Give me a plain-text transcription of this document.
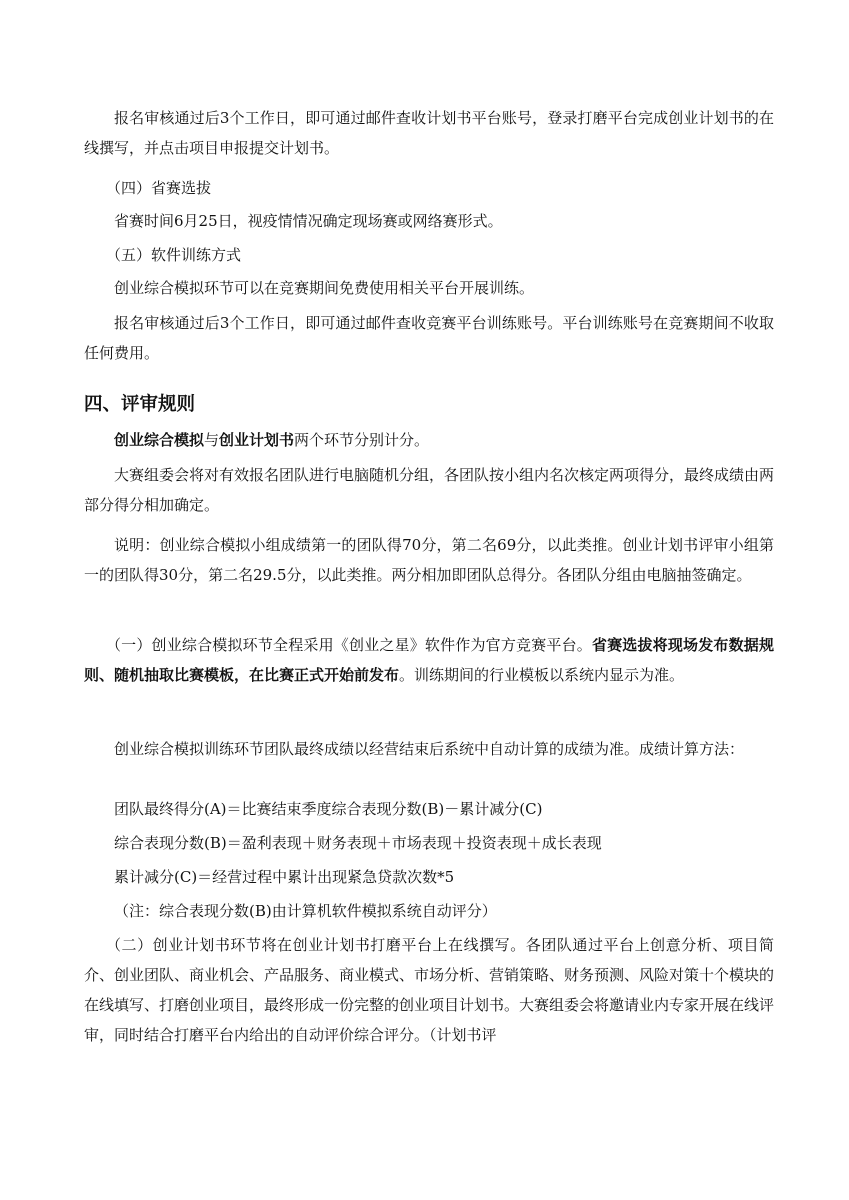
报名审核通过后3个工作日，即可通过邮件查收计划书平台账号，登录打磨平台完成创业计划书的在线撰写，并点击项目申报提交计划书。

（四）省赛选拔

省赛时间6月25日，视疫情情况确定现场赛或网络赛形式。

（五）软件训练方式

创业综合模拟环节可以在竞赛期间免费使用相关平台开展训练。

报名审核通过后3个工作日，即可通过邮件查收竞赛平台训练账号。平台训练账号在竞赛期间不收取任何费用。

四、评审规则

创业综合模拟与创业计划书两个环节分别计分。

大赛组委会将对有效报名团队进行电脑随机分组，各团队按小组内名次核定两项得分，最终成绩由两部分得分相加确定。

说明：创业综合模拟小组成绩第一的团队得70分，第二名69分，以此类推。创业计划书评审小组第一的团队得30分，第二名29.5分，以此类推。两分相加即团队总得分。各团队分组由电脑抽签确定。

（一）创业综合模拟环节全程采用《创业之星》软件作为官方竞赛平台。省赛选拔将现场发布数据规则、随机抽取比赛模板，在比赛正式开始前发布。训练期间的行业模板以系统内显示为准。

创业综合模拟训练环节团队最终成绩以经营结束后系统中自动计算的成绩为准。成绩计算方法：

团队最终得分(A)＝比赛结束季度综合表现分数(B)－累计减分(C)

综合表现分数(B)＝盈利表现＋财务表现＋市场表现＋投资表现＋成长表现

累计减分(C)＝经营过程中累计出现紧急贷款次数*5

（注：综合表现分数(B)由计算机软件模拟系统自动评分）

（二）创业计划书环节将在创业计划书打磨平台上在线撰写。各团队通过平台上创意分析、项目简介、创业团队、商业机会、产品服务、商业模式、市场分析、营销策略、财务预测、风险对策十个模块的在线填写、打磨创业项目，最终形成一份完整的创业项目计划书。大赛组委会将邀请业内专家开展在线评审，同时结合打磨平台内给出的自动评价综合评分。（计划书评
